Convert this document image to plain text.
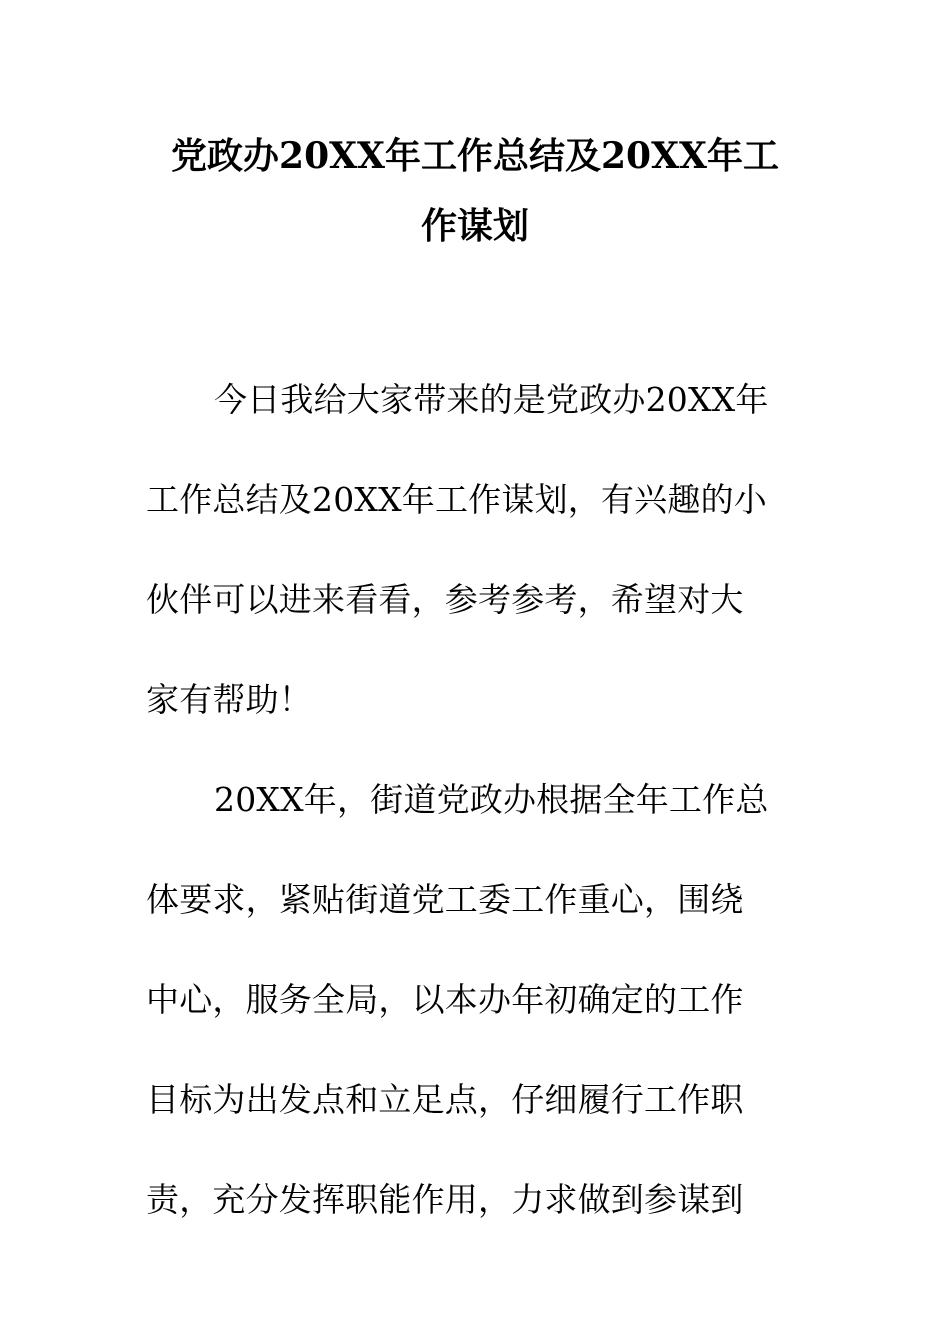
党政办20XX年工作总结及20XX年工
作谋划
今日我给大家带来的是党政办20XX年
工作总结及20XX年工作谋划，有兴趣的小
伙伴可以进来看看，参考参考，希望对大
家有帮助！
20XX年，街道党政办根据全年工作总
体要求，紧贴街道党工委工作重心，围绕
中心，服务全局，以本办年初确定的工作
目标为出发点和立足点，仔细履行工作职
责，充分发挥职能作用，力求做到参谋到
